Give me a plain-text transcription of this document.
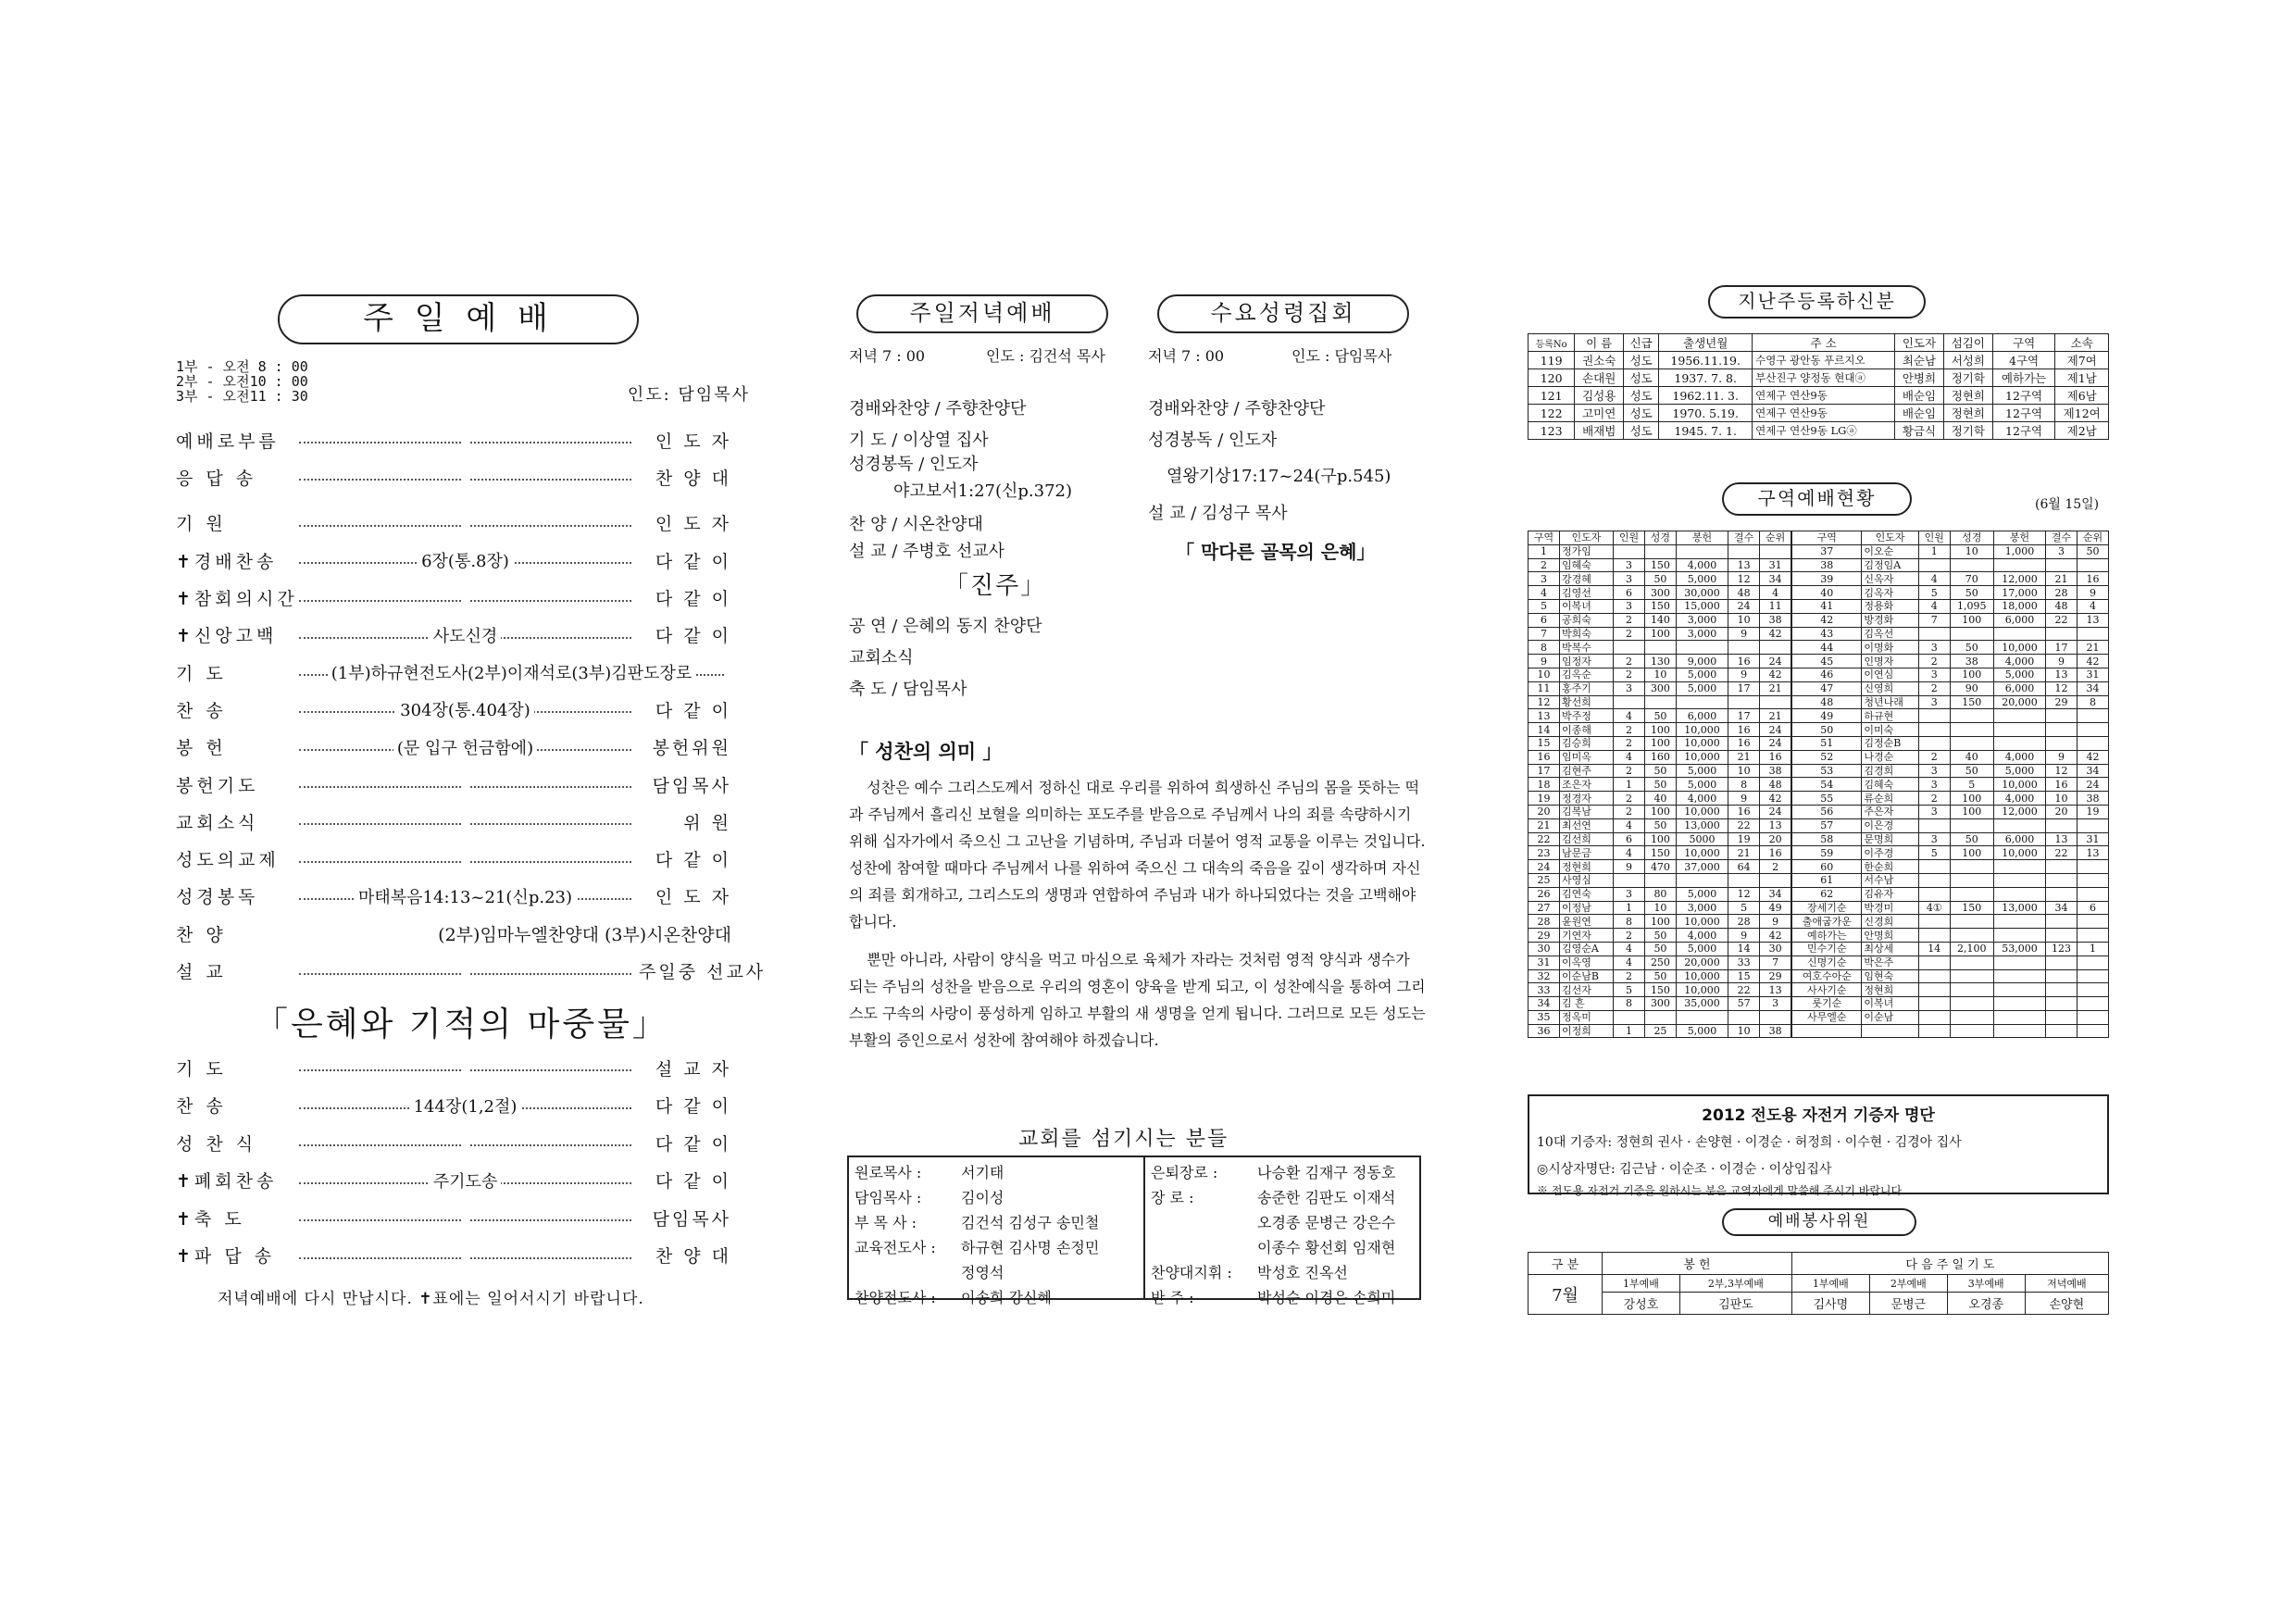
주 일 예 배
1부 - 오전 8 : 00
2부 - 오전10 : 00
3부 - 오전11 : 30	인도: 담임목사
예배로부름	인 도 자
응 답 송	찬 양 대
기 원	인 도 자
✝경배찬송	6장(통.8장)	다 같 이
✝참회의시간	다 같 이
✝신앙고백	사도신경	다 같 이
기 도	(1부)하규현전도사(2부)이재석로(3부)김판도장로
찬 송	304장(통.404장)	다 같 이
봉 헌	(문 입구 헌금함에)	봉헌위원
봉헌기도	담임목사
교회소식	위 원
성도의교제	다 같 이
성경봉독	마태복음14:13~21(신p.23)	인 도 자
찬 양	(2부)임마누엘찬양대 (3부)시온찬양대
설 교	주일중 선교사
「은혜와 기적의 마중물」
기 도	설 교 자
찬 송	144장(1,2절)	다 같 이
성 찬 식	다 같 이
✝폐회찬송	주기도송	다 같 이
✝축 도	담임목사
✝파 답 송	찬 양 대
저녁예배에 다시 만납시다. ✝표에는 일어서시기 바랍니다.
주일저녁예배	수요성령집회
저녁 7 : 00	인도 : 김건석 목사
경배와찬양 / 주향찬양단
기 도 / 이상열 집사
성경봉독 / 인도자
야고보서1:27(신p.372)
찬 양 / 시온찬양대
설 교 / 주병호 선교사
「진주」
공 연 / 은혜의 동지 찬양단
교회소식
축 도 / 담임목사
저녁 7 : 00	인도 : 담임목사
경배와찬양 / 주향찬양단
성경봉독 / 인도자
열왕기상17:17~24(구p.545)
설 교 / 김성구 목사
「 막다른 골목의 은혜」
「 성찬의 의미 」
성찬은 예수 그리스도께서 정하신 대로 우리를 위하여 희생하신 주님의 몸을 뜻하는 떡과 주님께서 흘리신 보혈을 의미하는 포도주를 받음으로 주님께서 나의 죄를 속량하시기 위해 십자가에서 죽으신 그 고난을 기념하며, 주님과 더불어 영적 교통을 이루는 것입니다. 성찬에 참여할 때마다 주님께서 나를 위하여 죽으신 그 대속의 죽음을 깊이 생각하며 자신의 죄를 회개하고, 그리스도의 생명과 연합하여 주님과 내가 하나되었다는 것을 고백해야 합니다.
뿐만 아니라, 사람이 양식을 먹고 마심으로 육체가 자라는 것처럼 영적 양식과 생수가 되는 주님의 성찬을 받음으로 우리의 영혼이 양육을 받게 되고, 이 성찬예식을 통하여 그리스도 구속의 사랑이 풍성하게 임하고 부활의 새 생명을 얻게 됩니다. 그러므로 모든 성도는 부활의 증인으로서 성찬에 참여해야 하겠습니다.
교회를 섬기시는 분들
원로목사 :	서기태
담임목사 :	김이성
부 목 사 :	김건석 김성구 송민철
교육전도사 :	하규현 김사명 손정민
	정영석
찬양전도사 :	이송희 강신혜
은퇴장로 :	나승환 김재구 정동호
장 로 :	송준한 김판도 이재석
	오경종 문병근 강은수
	이종수 황선회 임재현
찬양대지휘 :	박성호 진옥선
반 주 :	박성순 이경은 손희미
지난주등록하신분
등록No	이 름	신급	출생년월	주 소	인도자	섬김이	구역	소속
119	권소숙	성도	1956.11.19.	수영구 광안동 푸르지오	최순남	서성희	4구역	제7여
120	손대원	성도	1937. 7. 8.	부산진구 양정동 현대ⓐ	안병희	정기학	예하가는	제1남
121	김성용	성도	1962.11. 3.	연제구 연산9동	배순임	정현희	12구역	제6남
122	고미연	성도	1970. 5.19.	연제구 연산9동	배순임	정현희	12구역	제12여
123	배재범	성도	1945. 7. 1.	연제구 연산9동 LGⓐ	황금식	정기학	12구역	제2남
구역예배현황	(6월 15일)
구역	인도자	인원	성경	봉헌	결수	순위	구역	인도자	인원	성경	봉헌	결수	순위
1	정가임						37	이오순	1	10	1,000	3	50
2	임혜숙	3	150	4,000	13	31	38	김정임A					
3	강경혜	3	50	5,000	12	34	39	신옥자	4	70	12,000	21	16
4	김영선	6	300	30,000	48	4	40	김옥자	5	50	17,000	28	9
5	이복녀	3	150	15,000	24	11	41	정용화	4	1,095	18,000	48	4
6	공희숙	2	140	3,000	10	38	42	방경화	7	100	6,000	22	13
7	박희숙	2	100	3,000	9	42	43	김옥선					
8	박복수						44	이명화	3	50	10,000	17	21
9	임정자	2	130	9,000	16	24	45	인명자	2	38	4,000	9	42
10	김옥순	2	10	5,000	9	42	46	이연심	3	100	5,000	13	31
11	홍주기	3	300	5,000	17	21	47	신영희	2	90	6,000	12	34
12	황선희						48	청년나래	3	150	20,000	29	8
13	박주정	4	50	6,000	17	21	49	하규현					
14	이종해	2	100	10,000	16	24	50	이미숙					
15	김승희	2	100	10,000	16	24	51	김정순B					
16	임미옥	4	160	10,000	21	16	52	나경순	2	40	4,000	9	42
17	김현주	2	50	5,000	10	38	53	김경희	3	50	5,000	12	34
18	조은자	1	50	5,000	8	48	54	김혜숙	3	5	10,000	16	24
19	정경자	2	40	4,000	9	42	55	류순희	2	100	4,000	10	38
20	김복남	2	100	10,000	16	24	56	주은자	3	100	12,000	20	19
21	최선연	4	50	13,000	22	13	57	이은경					
22	김선희	6	100	5000	19	20	58	문명희	3	50	6,000	13	31
23	남문금	4	150	10,000	21	16	59	이주경	5	100	10,000	22	13
24	정현희	9	470	37,000	64	2	60	한순희					
25	사영심						61	서수남					
26	김연숙	3	80	5,000	12	34	62	김유자					
27	이정남	1	10	3,000	5	49	장세기순	박경미	4①	150	13,000	34	6
28	윤원연	8	100	10,000	28	9	출애굽가운	신경희					
29	기연자	2	50	4,000	9	42	예하가는	안명희					
30	김영순A	4	50	5,000	14	30	민수기순	최상세	14	2,100	53,000	123	1
31	이옥영	4	250	20,000	33	7	신명기순	박은주					
32	이순남B	2	50	10,000	15	29	여호수아순	임현숙					
33	김선자	5	150	10,000	22	13	사사기순	정현희					
34	김 흔	8	300	35,000	57	3	룻기순	이복녀					
35	정옥미						사무엘순	이순남					
36	이정희	1	25	5,000	10	38							
2012 전도용 자전거 기증자 명단
10대 기증자: 정현희 권사 · 손양현 · 이경순 · 허정희 · 이수현 · 김경아 집사
◎시상자명단: 김근남 · 이순조 · 이경순 · 이상임집사
※ 전도용 자전거 기증을 원하시는 분은 교역자에게 말씀해 주시기 바랍니다.
예배봉사위원
구 분	봉 헌		다 음 주 일 기 도			
7월	1부예배	2부,3부예배	1부예배	2부예배	3부예배	저녁예배
	강성호	김판도	김사명	문병근	오경종	손양현
